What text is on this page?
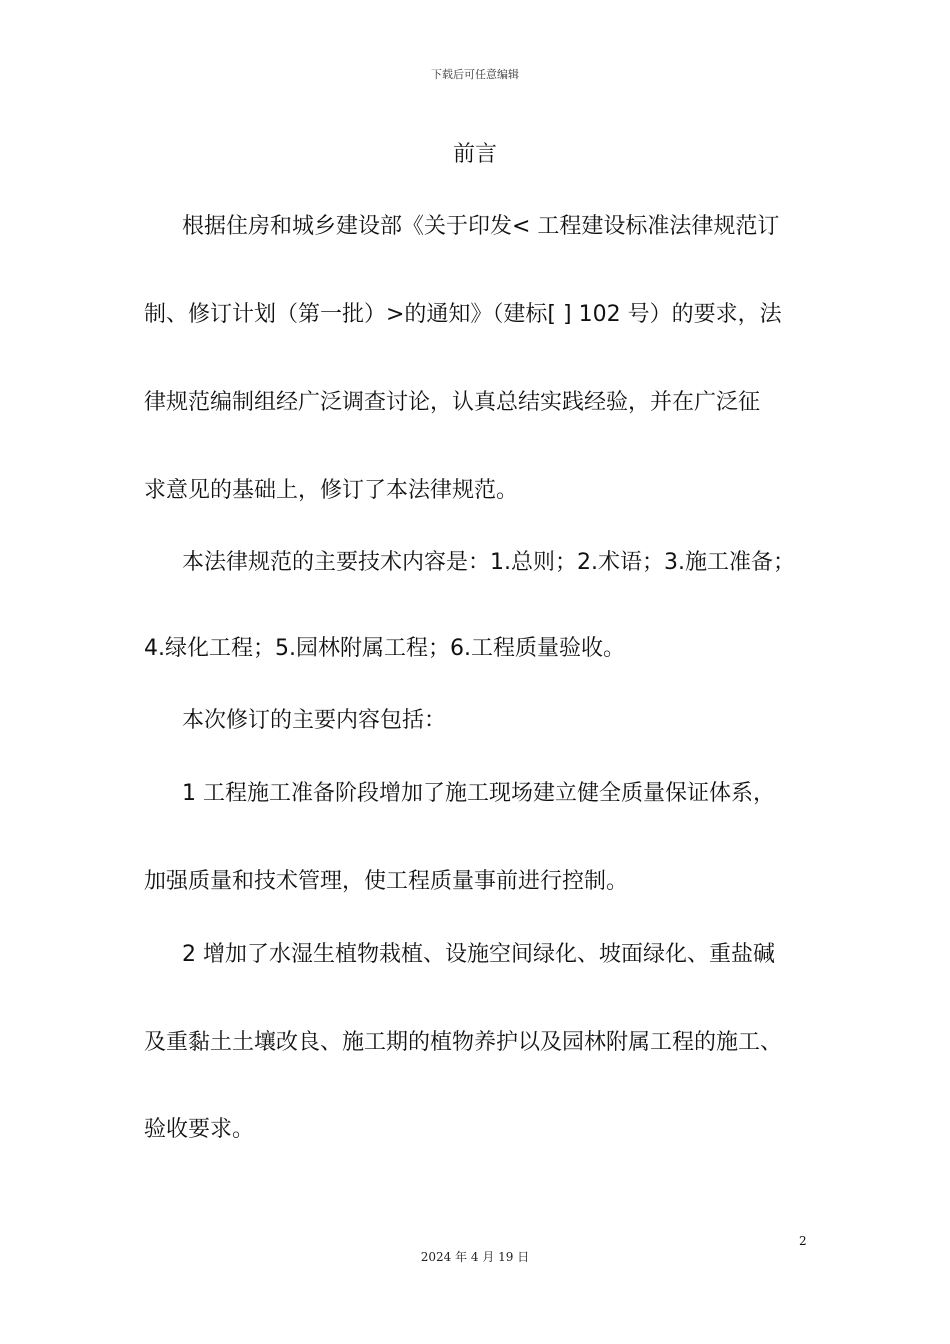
下载后可任意编辑
前言
根据住房和城乡建设部《关于印发< 工程建设标准法律规范订
制、修订计划（第一批）>的通知》（建标[ ] 102 号）的要求，法
律规范编制组经广泛调查讨论，认真总结实践经验，并在广泛征
求意见的基础上，修订了本法律规范。
本法律规范的主要技术内容是：1.总则；2.术语；3.施工准备；
4.绿化工程；5.园林附属工程；6.工程质量验收。
本次修订的主要内容包括：
1 工程施工准备阶段增加了施工现场建立健全质量保证体系，
加强质量和技术管理，使工程质量事前进行控制。
2 增加了水湿生植物栽植、设施空间绿化、坡面绿化、重盐碱
及重黏土土壤改良、施工期的植物养护以及园林附属工程的施工、
验收要求。
2
2024 年 4 月 19 日
